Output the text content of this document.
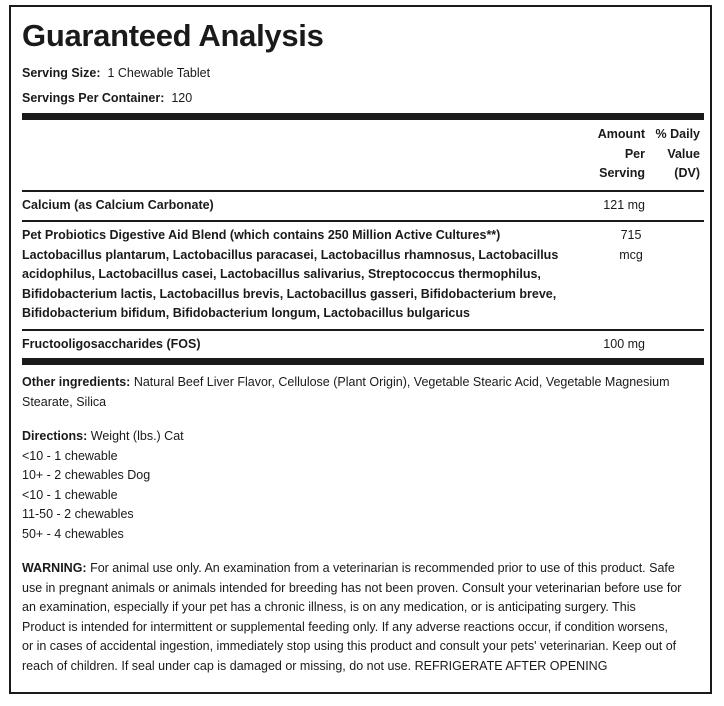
Guaranteed Analysis
Serving Size: 1 Chewable Tablet
Servings Per Container: 120
Amount
Per
Serving
% Daily
Value
(DV)
Calcium (as Calcium Carbonate)	121 mg
Pet Probiotics Digestive Aid Blend (which contains 250 Million Active Cultures**)
Lactobacillus plantarum, Lactobacillus paracasei, Lactobacillus rhamnosus, Lactobacillus
acidophilus, Lactobacillus casei, Lactobacillus salivarius, Streptococcus thermophilus,
Bifidobacterium lactis, Lactobacillus brevis, Lactobacillus gasseri, Bifidobacterium breve,
Bifidobacterium bifidum, Bifidobacterium longum, Lactobacillus bulgaricus
715
mcg
Fructooligosaccharides (FOS)	100 mg
Other ingredients: Natural Beef Liver Flavor, Cellulose (Plant Origin), Vegetable Stearic Acid, Vegetable Magnesium
Stearate, Silica
Directions: Weight (lbs.) Cat
<10 - 1 chewable
10+ - 2 chewables Dog
<10 - 1 chewable
11-50 - 2 chewables
50+ - 4 chewables
WARNING: For animal use only. An examination from a veterinarian is recommended prior to use of this product. Safe
use in pregnant animals or animals intended for breeding has not been proven. Consult your veterinarian before use for
an examination, especially if your pet has a chronic illness, is on any medication, or is anticipating surgery. This
Product is intended for intermittent or supplemental feeding only. If any adverse reactions occur, if condition worsens,
or in cases of accidental ingestion, immediately stop using this product and consult your pets' veterinarian. Keep out of
reach of children. If seal under cap is damaged or missing, do not use. REFRIGERATE AFTER OPENING
